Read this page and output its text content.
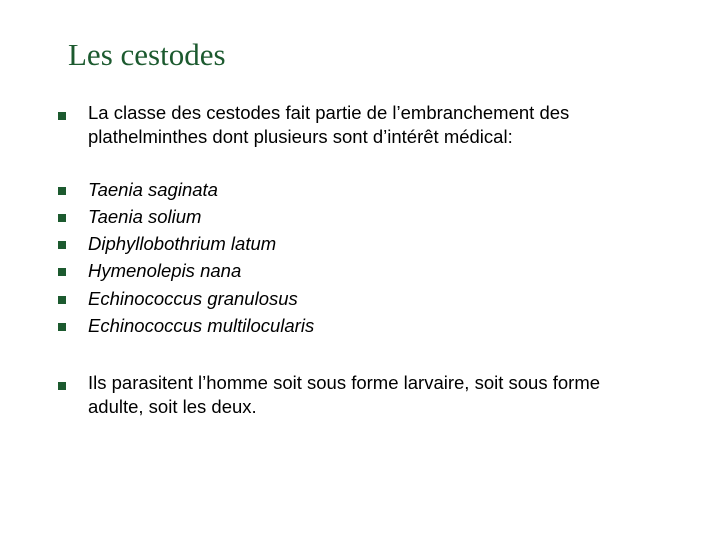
Les cestodes
La classe des cestodes fait partie de l’embranchement des plathelminthes dont plusieurs sont d’intérêt médical:
Taenia saginata
Taenia solium
Diphyllobothrium latum
Hymenolepis nana
Echinococcus granulosus
Echinococcus multilocularis
Ils parasitent l’homme soit sous forme larvaire, soit sous forme adulte, soit les deux.
